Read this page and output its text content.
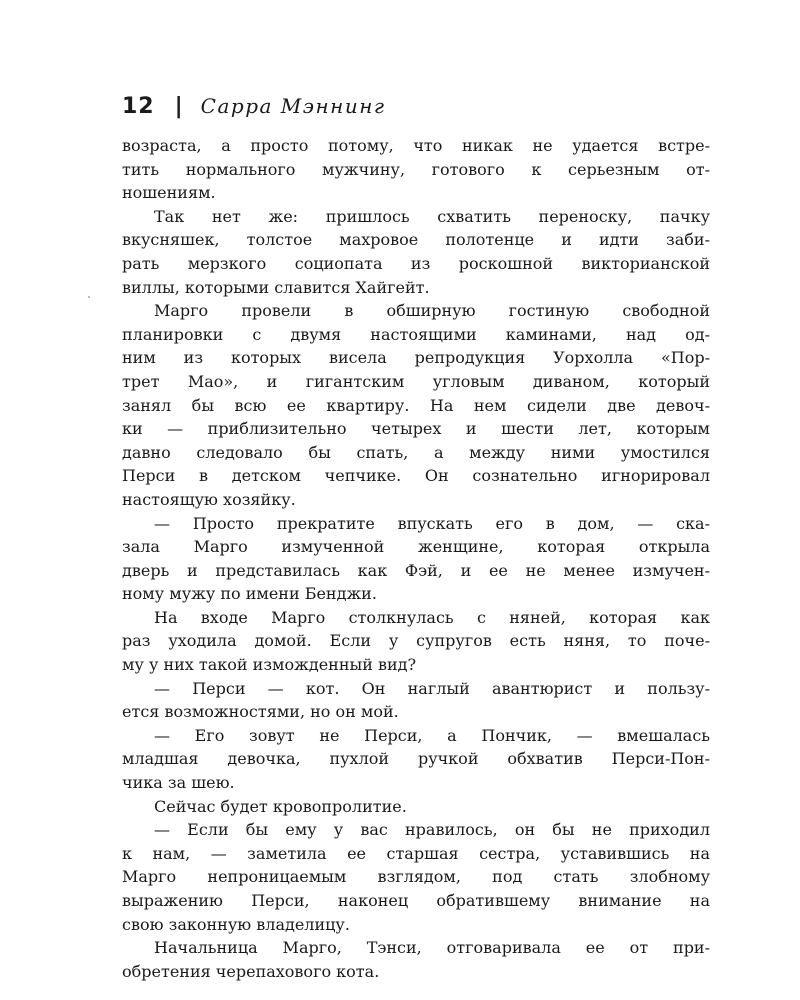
12 | Сарра Мэннинг
возраста, а просто потому, что никак не удается встре-
тить нормального мужчину, готового к серьезным от-
ношениям.
Так нет же: пришлось схватить переноску, пачку
вкусняшек, толстое махровое полотенце и идти заби-
рать мерзкого социопата из роскошной викторианской
виллы, которыми славится Хайгейт.
Марго провели в обширную гостиную свободной
планировки с двумя настоящими каминами, над од-
ним из которых висела репродукция Уорхолла «Пор-
трет Мао», и гигантским угловым диваном, который
занял бы всю ее квартиру. На нем сидели две девоч-
ки — приблизительно четырех и шести лет, которым
давно следовало бы спать, а между ними умостился
Перси в детском чепчике. Он сознательно игнорировал
настоящую хозяйку.
— Просто прекратите впускать его в дом, — ска-
зала Марго измученной женщине, которая открыла
дверь и представилась как Фэй, и ее не менее измучен-
ному мужу по имени Бенджи.
На входе Марго столкнулась с няней, которая как
раз уходила домой. Если у супругов есть няня, то поче-
му у них такой изможденный вид?
— Перси — кот. Он наглый авантюрист и пользу-
ется возможностями, но он мой.
— Его зовут не Перси, а Пончик, — вмешалась
младшая девочка, пухлой ручкой обхватив Перси-Пон-
чика за шею.
Сейчас будет кровопролитие.
— Если бы ему у вас нравилось, он бы не приходил
к нам, — заметила ее старшая сестра, уставившись на
Марго непроницаемым взглядом, под стать злобному
выражению Перси, наконец обратившему внимание на
свою законную владелицу.
Начальница Марго, Тэнси, отговаривала ее от при-
обретения черепахового кота.
